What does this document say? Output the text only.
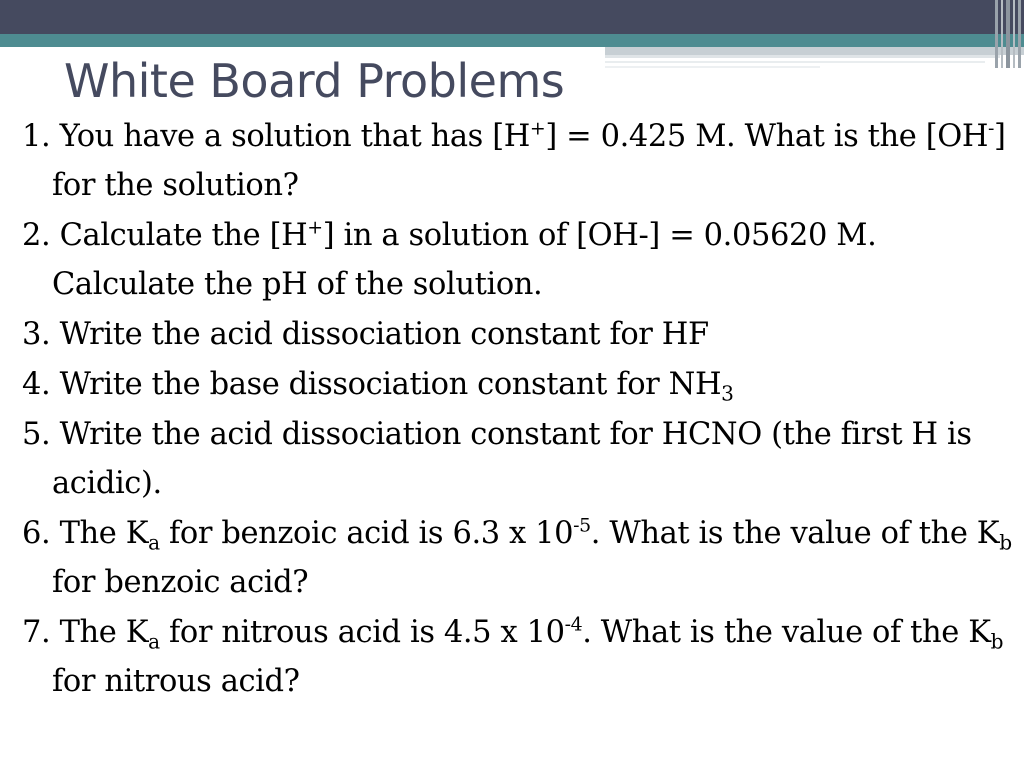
White Board Problems
1. You have a solution that has [H+] = 0.425 M. What is the [OH-] for the solution?
2. Calculate the [H+] in a solution of [OH-] = 0.05620 M. Calculate the pH of the solution.
3. Write the acid dissociation constant for HF
4. Write the base dissociation constant for $NH_3$
5. Write the acid dissociation constant for HCNO (the first H is acidic).
6. The $K_a$ for benzoic acid is 6.3 x $10^{-5}$. What is the value of the $K_b$ for benzoic acid?
7. The $K_a$ for nitrous acid is 4.5 x $10^{-4}$. What is the value of the $K_b$ for nitrous acid?
